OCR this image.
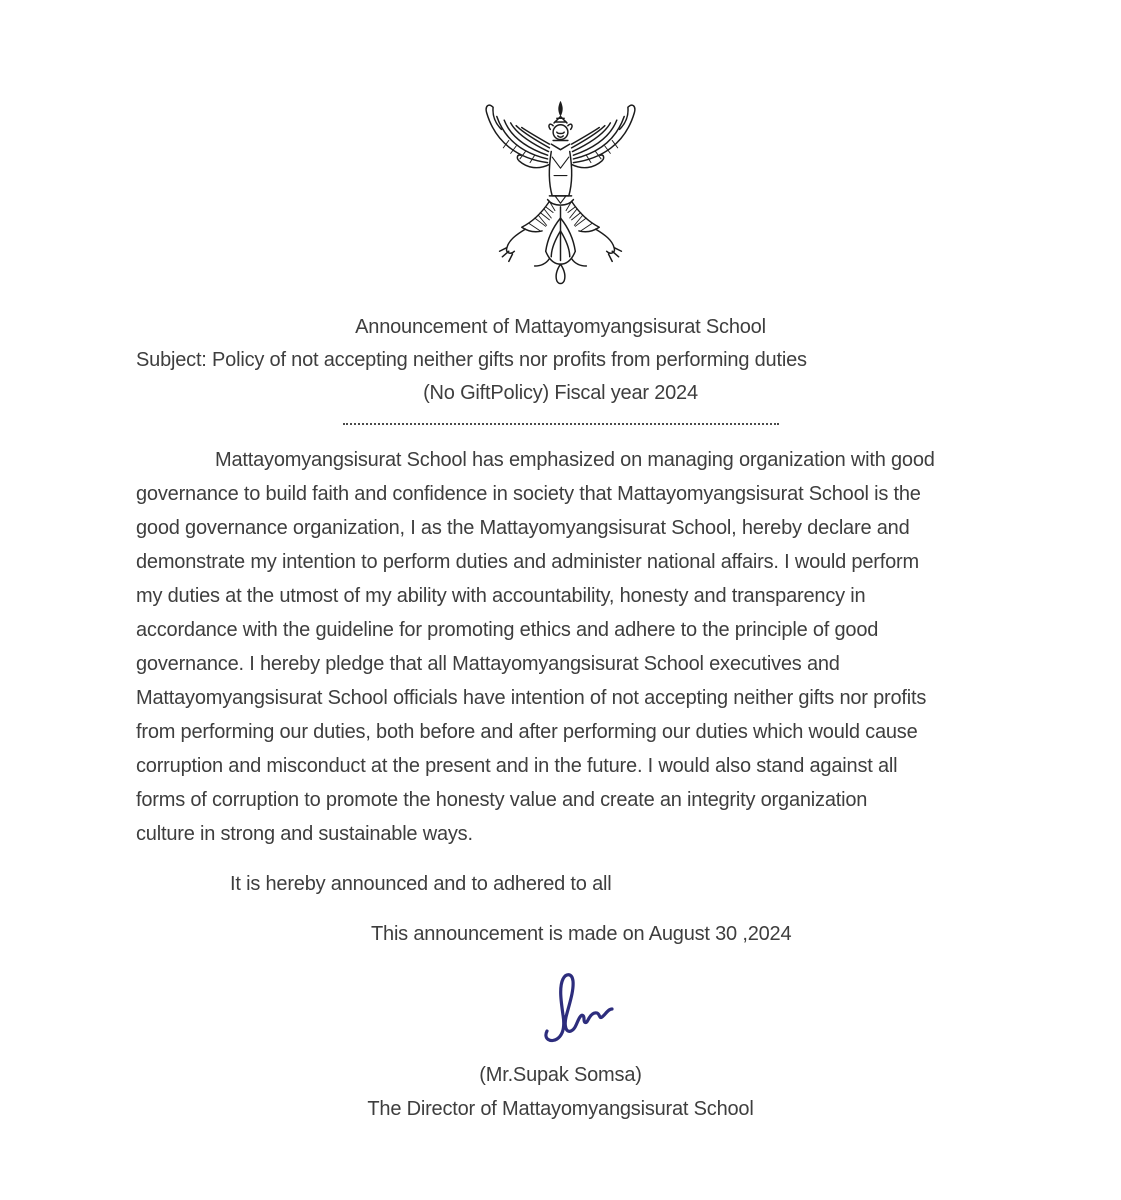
Announcement of Mattayomyangsisurat School
Subject: Policy of not accepting neither gifts nor profits from performing duties
(No GiftPolicy) Fiscal year 2024
Mattayomyangsisurat School has emphasized on managing organization with good
governance to build faith and confidence in society that Mattayomyangsisurat School is the
good governance organization, I as the Mattayomyangsisurat School, hereby declare and
demonstrate my intention to perform duties and administer national affairs. I would perform
my duties at the utmost of my ability with accountability, honesty and transparency in
accordance with the guideline for promoting ethics and adhere to the principle of good
governance. I hereby pledge that all Mattayomyangsisurat School executives and
Mattayomyangsisurat School officials have intention of not accepting neither gifts nor profits
from performing our duties, both before and after performing our duties which would cause
corruption and misconduct at the present and in the future. I would also stand against all
forms of corruption to promote the honesty value and create an integrity organization
culture in strong and sustainable ways.
It is hereby announced and to adhered to all
This announcement is made on August 30 ,2024
(Mr.Supak Somsa)
The Director of Mattayomyangsisurat School
